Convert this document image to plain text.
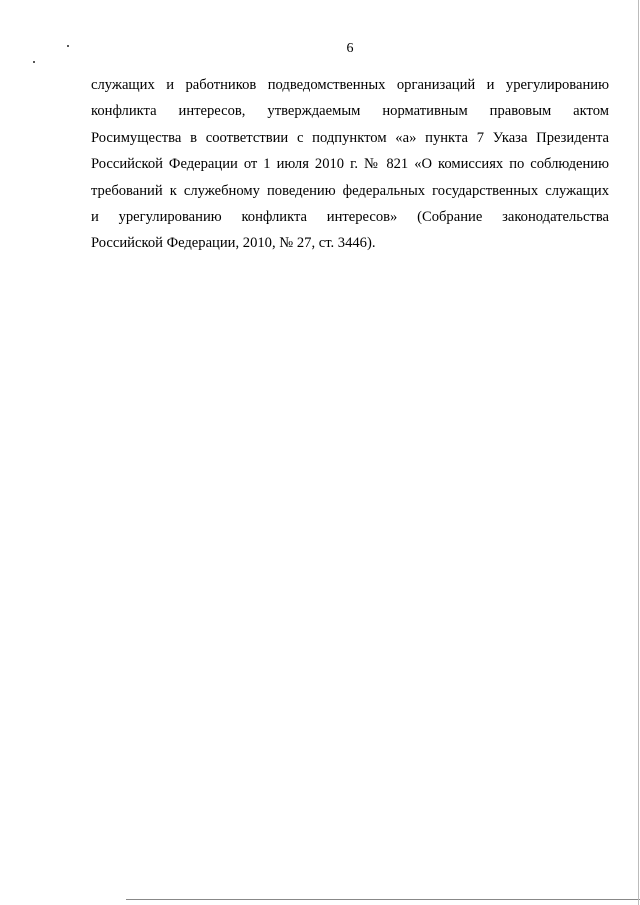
6
служащих и работников подведомственных организаций и урегулированию
конфликта интересов, утверждаемым нормативным правовым актом
Росимущества в соответствии с подпунктом «а» пункта 7 Указа Президента
Российской Федерации от 1 июля 2010 г. № 821 «О комиссиях по соблюдению
требований к служебному поведению федеральных государственных служащих
и урегулированию конфликта интересов» (Собрание законодательства
Российской Федерации, 2010, № 27, ст. 3446).
